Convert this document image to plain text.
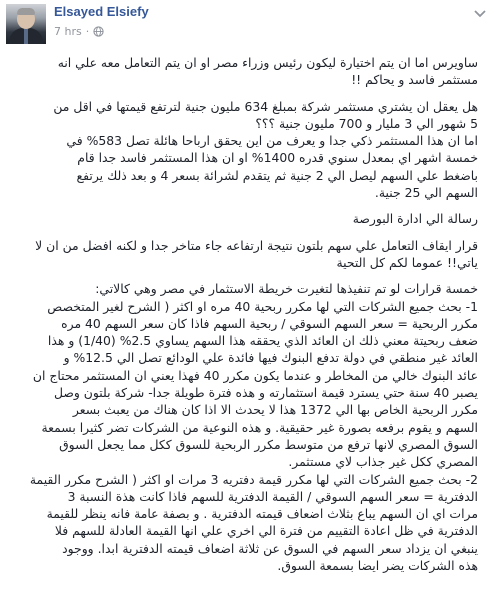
Elsayed Elsiefy
7 hrs ·
ساويرس اما ان يتم اختيارة ليكون رئيس وزراء مصر او ان يتم التعامل معه علي انه
مستثمر فاسد و يحاكم !!
هل يعقل ان يشتري مستثمر شركة بمبلغ 634 مليون جنية لترتفع قيمتها في اقل من
5 شهور الي 3 مليار و 700 مليون جنية ؟؟؟
اما ان هذا المستثمر ذكي جدا و يعرف من اين يحقق ارباحا هائلة تصل 583% في
خمسة اشهر اي بمعدل سنوي قدره 1400% او ان هذا المستثمر فاسد جدا قام
باضغط علي السهم ليصل الي 2 جنية ثم يتقدم لشرائة بسعر 4 و بعد ذلك يرتفع
السهم الي 25 جنية.
رسالة الي ادارة البورصة
قرار ايقاف التعامل علي سهم بلتون نتيجة ارتفاعه جاء متاخر جدا و لكنه افضل من ان لا
ياتي!! عموما لكم كل التحية
خمسة قرارات لو تم تنفيذها لتغيرت خريطة الاستثمار في مصر وهي كالاتي:
1- بحث جميع الشركات التي لها مكرر ربحية 40 مره او اكثر ( الشرح لغير المتخصص
مكرر الربحية = سعر السهم السوقي / ربحية السهم فاذا كان سعر السهم 40 مره
ضعف ربحيتة معني ذلك ان العائد الذي يحققه هذا السهم يساوي 2.5% (1/40) و هذا
العائد غير منطقي في دولة تدفع البنوك فيها فائدة علي الودائع تصل الي 12.5% و
عائد البنوك خالي من المخاطر و عندما يكون مكرر 40 فهذا يعني ان المستثمر محتاج ان
يصبر 40 سنة حتي يسترد قيمة استثمارته و هذه فترة طويلة جدا- شركة بلتون وصل
مكرر الربحية الخاص بها الي 1372 هذا لا يحدث الا اذا كان هناك من يعبث بسعر
السهم و يقوم برفعه بصورة غير حقيقية. و هذه النوعية من الشركات تضر كثيرا بسمعة
السوق المصري لانها ترفع من متوسط مكرر الربحية للسوق ككل مما يجعل السوق
المصري ككل غير جذاب لاي مستثمر.
2- بحث جميع الشركات التي لها مكرر قيمة دفتريه 3 مرات او اكثر ( الشرح مكرر القيمة
الدفترية = سعر السهم السوقي / القيمة الدفترية للسهم فاذا كانت هذة النسبة 3
مرات اي ان السهم يباع بثلاث اضعاف قيمته الدفترية . و بصفة عامة فانه ينظر للقيمة
الدفترية في ظل اعادة التقييم من فترة الي اخري علي انها القيمة العادلة للسهم فلا
ينبغي ان يزداد سعر السهم في السوق عن ثلاثة اضعاف قيمته الدفترية ابدا. ووجود
هذه الشركات يضر ايضا بسمعة السوق.
